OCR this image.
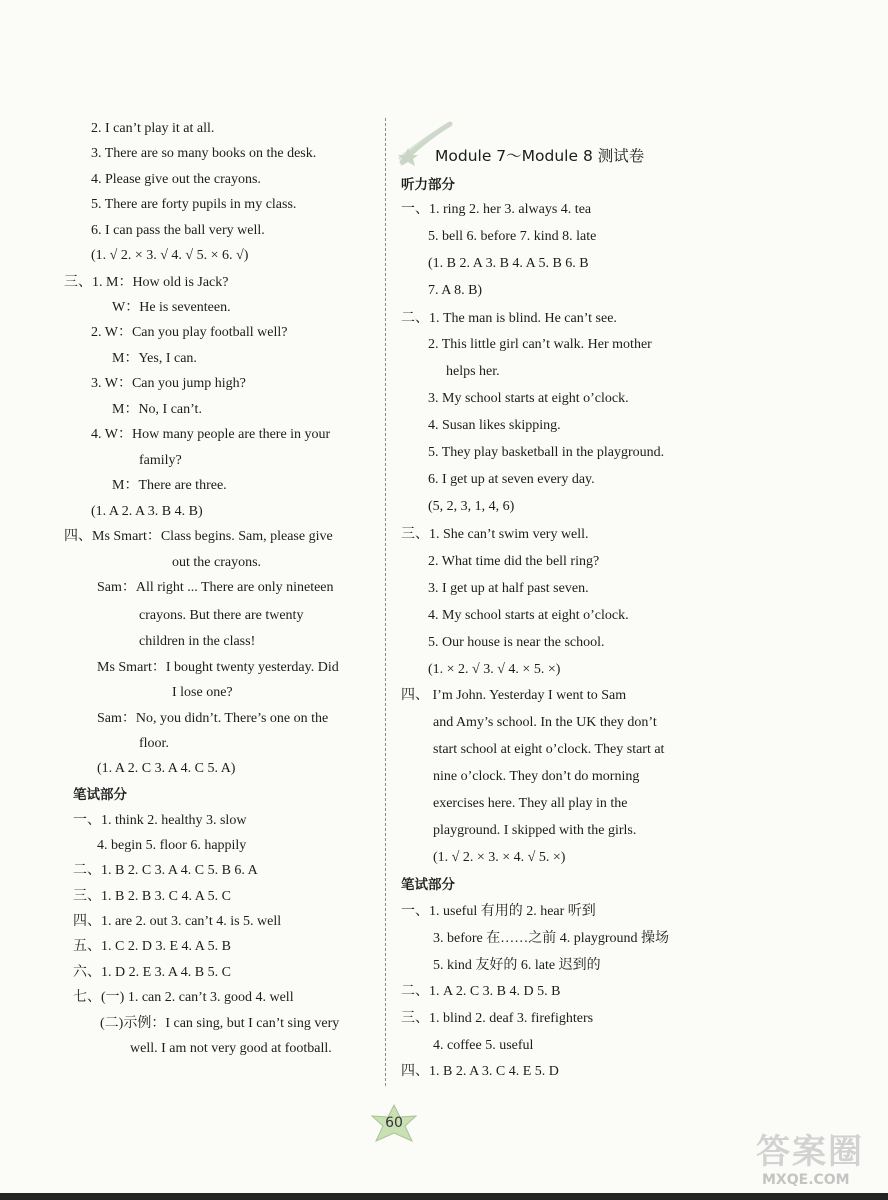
2. I can’t play it at all.
3. There are so many books on the desk.
4. Please give out the crayons.
5. There are forty pupils in my class.
6. I can pass the ball very well.
(1. √ 2. × 3. √ 4. √ 5. × 6. √)
三、1. M：How old is Jack?
W：He is seventeen.
2. W：Can you play football well?
M：Yes, I can.
3. W：Can you jump high?
M：No, I can’t.
4. W：How many people are there in your
family?
M：There are three.
(1. A 2. A 3. B 4. B)
四、Ms Smart：Class begins. Sam, please give
out the crayons.
Sam：All right ... There are only nineteen
crayons. But there are twenty
children in the class!
Ms Smart：I bought twenty yesterday. Did
I lose one?
Sam：No, you didn’t. There’s one on the
floor.
(1. A 2. C 3. A 4. C 5. A)
笔试部分
一、1. think 2. healthy 3. slow
4. begin 5. floor 6. happily
二、1. B 2. C 3. A 4. C 5. B 6. A
三、1. B 2. B 3. C 4. A 5. C
四、1. are 2. out 3. can’t 4. is 5. well
五、1. C 2. D 3. E 4. A 5. B
六、1. D 2. E 3. A 4. B 5. C
七、(一) 1. can 2. can’t 3. good 4. well
(二)示例：I can sing, but I can’t sing very
well. I am not very good at football.
Module 7～Module 8 测试卷
听力部分
一、1. ring 2. her 3. always 4. tea
5. bell 6. before 7. kind 8. late
(1. B 2. A 3. B 4. A 5. B 6. B
7. A 8. B)
二、1. The man is blind. He can’t see.
2. This little girl can’t walk. Her mother
helps her.
3. My school starts at eight o’clock.
4. Susan likes skipping.
5. They play basketball in the playground.
6. I get up at seven every day.
(5, 2, 3, 1, 4, 6)
三、1. She can’t swim very well.
2. What time did the bell ring?
3. I get up at half past seven.
4. My school starts at eight o’clock.
5. Our house is near the school.
(1. × 2. √ 3. √ 4. × 5. ×)
四、 I’m John. Yesterday I went to Sam
and Amy’s school. In the UK they don’t
start school at eight o’clock. They start at
nine o’clock. They don’t do morning
exercises here. They all play in the
playground. I skipped with the girls.
(1. √ 2. × 3. × 4. √ 5. ×)
笔试部分
一、1. useful 有用的 2. hear 听到
3. before 在……之前 4. playground 操场
5. kind 友好的 6. late 迟到的
二、1. A 2. C 3. B 4. D 5. B
三、1. blind 2. deaf 3. firefighters
4. coffee 5. useful
四、1. B 2. A 3. C 4. E 5. D
60
答案圈
MXQE.COM
